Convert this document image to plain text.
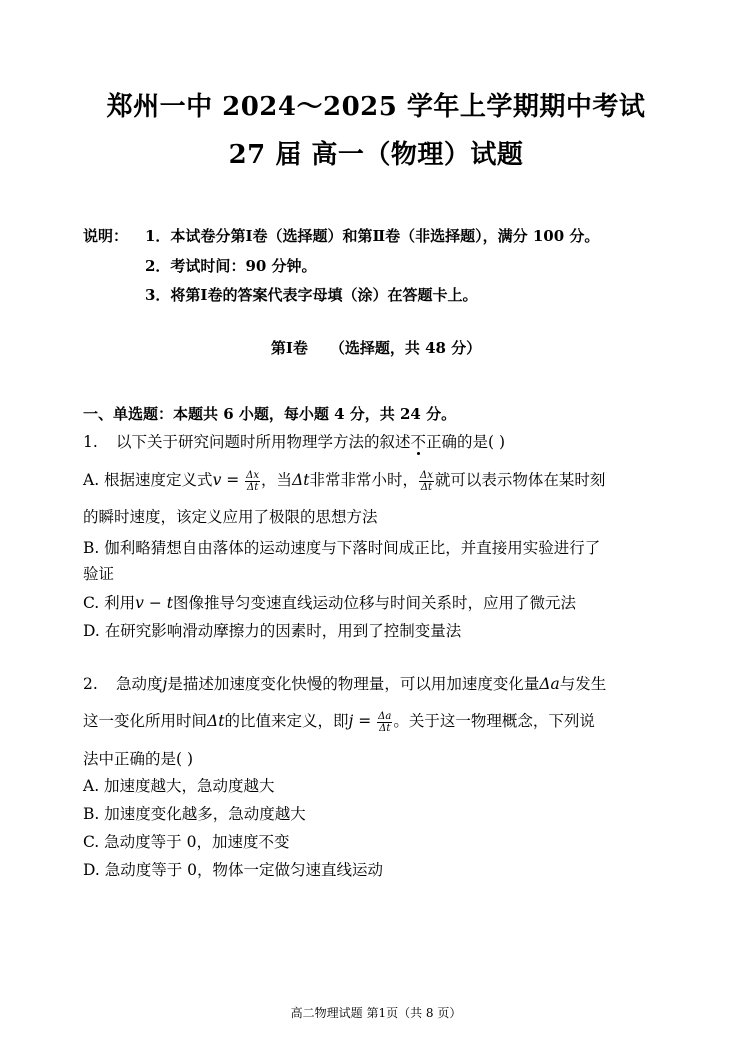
郑州一中 2024～2025 学年上学期期中考试
27 届 高一（物理）试题
说明： 1．本试卷分第Ⅰ卷（选择题）和第Ⅱ卷（非选择题），满分 100 分。
2．考试时间：90 分钟。
3．将第Ⅰ卷的答案代表字母填（涂）在答题卡上。
第Ⅰ卷 （选择题，共 48 分）
一、单选题：本题共 6 小题，每小题 4 分，共 24 分。
1. 以下关于研究问题时所用物理学方法的叙述不正确的是( )
A. 根据速度定义式$v = \frac{\Delta x}{\Delta t}$ ，当Δt非常非常小时， $\frac{\Delta x}{\Delta t}$ 就可以表示物体在某时刻
的瞬时速度，该定义应用了极限的思想方法
B. 伽利略猜想自由落体的运动速度与下落时间成正比，并直接用实验进行了
验证
C. 利用v − t图像推导匀变速直线运动位移与时间关系时，应用了微元法
D. 在研究影响滑动摩擦力的因素时，用到了控制变量法
2. 急动度j是描述加速度变化快慢的物理量，可以用加速度变化量Δa与发生
这一变化所用时间Δt的比值来定义，即$j = \frac{\Delta a}{\Delta t}$ 。关于这一物理概念，下列说
法中正确的是( )
A. 加速度越大，急动度越大
B. 加速度变化越多，急动度越大
C. 急动度等于 0，加速度不变
D. 急动度等于 0，物体一定做匀速直线运动
高二物理试题 第1页（共 8 页）
